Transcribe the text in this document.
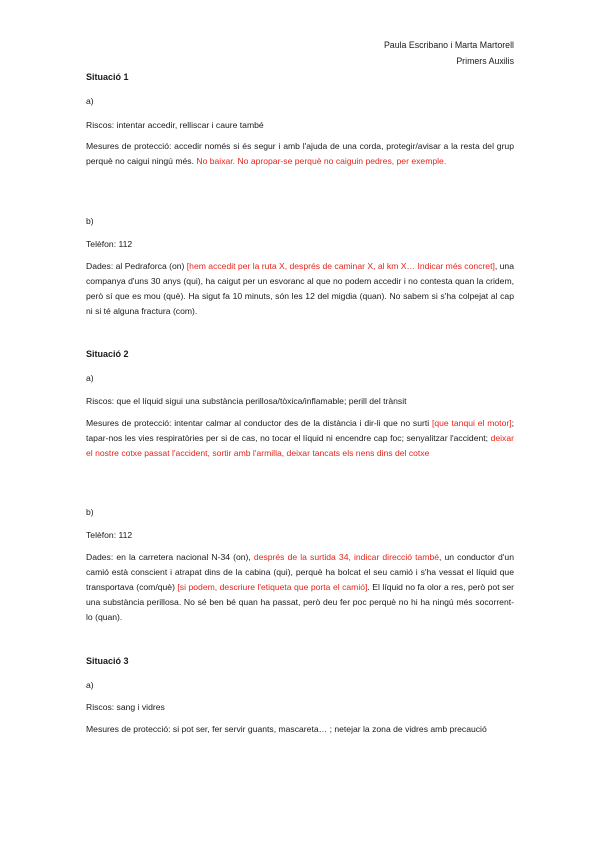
Paula Escribano i Marta Martorell
Primers Auxilis
Situació 1
a)
Riscos: intentar accedir, relliscar i caure també
Mesures de protecció: accedir només si és segur i amb l'ajuda de una corda, protegir/avisar a la resta del grup perquè no caigui ningú més. No baixar. No apropar-se perquè no caiguin pedres, per exemple.
b)
Telèfon: 112
Dades: al Pedraforca (on) [hem accedit per la ruta X, després de caminar X, al km X… Indicar més concret], una companya d'uns 30 anys (qui), ha caigut per un esvoranc al que no podem accedir i no contesta quan la cridem, però sí que es mou (què). Ha sigut fa 10 minuts, són les 12 del migdia (quan). No sabem si s'ha colpejat al cap ni si té alguna fractura (com).
Situació 2
a)
Riscos: que el líquid sigui una substància perillosa/tòxica/inflamable; perill del trànsit
Mesures de protecció: intentar calmar al conductor des de la distància i dir-li que no surti [que tanqui el motor]; tapar-nos les vies respiratòries per si de cas, no tocar el líquid ni encendre cap foc; senyalitzar l'accident; deixar el nostre cotxe passat l'accident, sortir amb l'armilla, deixar tancats els nens dins del cotxe
b)
Telèfon: 112
Dades: en la carretera nacional N-34 (on), després de la surtida 34, indicar direcció també, un conductor d'un camió està conscient i atrapat dins de la cabina (qui), perquè ha bolcat el seu camió i s'ha vessat el líquid que transportava (com/què) [si podem, descriure l'etiqueta que porta el camió]. El líquid no fa olor a res, però pot ser una substància perillosa. No sé ben bé quan ha passat, però deu fer poc perquè no hi ha ningú més socorrent-lo (quan).
Situació 3
a)
Riscos: sang i vidres
Mesures de protecció: si pot ser, fer servir guants, mascareta… ; netejar la zona de vidres amb precaució
